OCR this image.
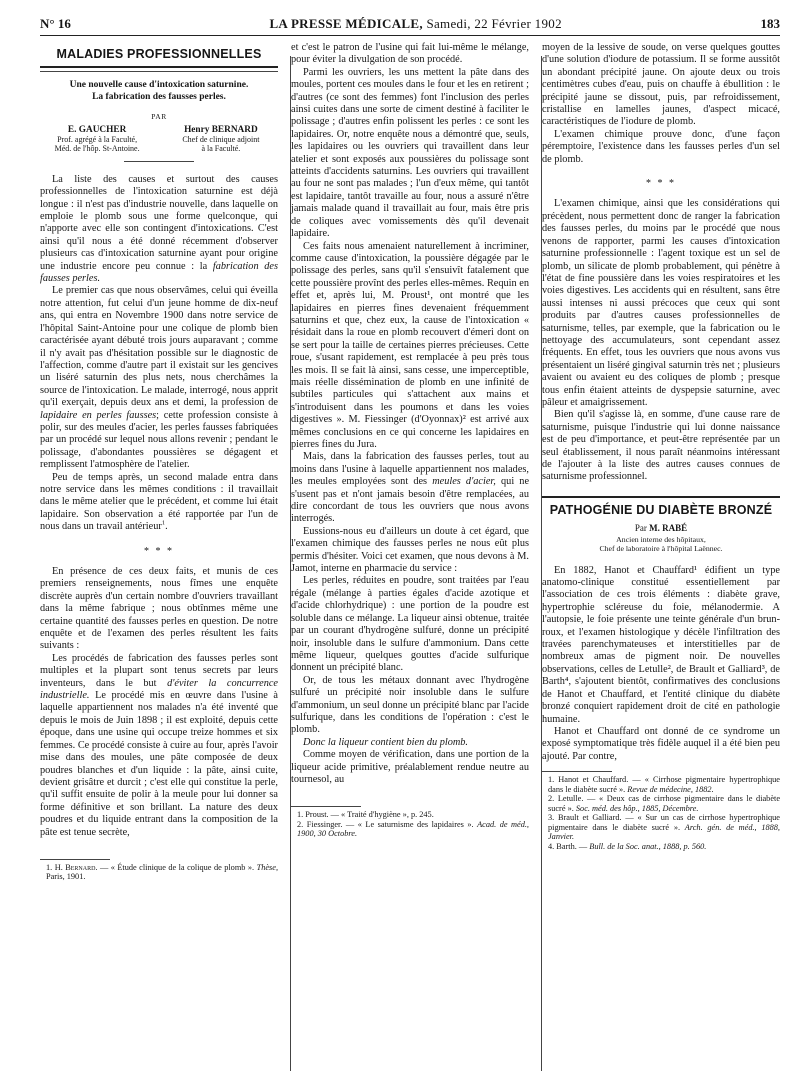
N° 16	LA PRESSE MÉDICALE, Samedi, 22 Février 1902	183
MALADIES PROFESSIONNELLES
Une nouvelle cause d'intoxication saturnine.
La fabrication des fausses perles.
PAR
E. GAUCHER
Prof. agrégé à la Faculté,
Méd. de l'hôp. St-Antoine.
Henry BERNARD
Chef de clinique adjoint
à la Faculté.

La liste des causes et surtout des causes professionnelles de l'intoxication saturnine est déjà longue : il n'est pas d'industrie nouvelle, dans laquelle on emploie le plomb sous une forme quelconque, qui n'apporte avec elle son contingent d'intoxications. C'est ainsi qu'il nous a été donné récemment d'observer plusieurs cas d'intoxication saturnine ayant pour origine une industrie encore peu connue : la fabrication des fausses perles.

Le premier cas que nous observâmes, celui qui éveilla notre attention, fut celui d'un jeune homme de dix-neuf ans, qui entra en Novembre 1900 dans notre service de l'hôpital Saint-Antoine pour une colique de plomb bien caractérisée ayant débuté trois jours auparavant ; comme il n'y avait pas d'hésitation possible sur le diagnostic de l'affection, comme d'autre part il existait sur les gencives un liséré saturnin des plus nets, nous cherchâmes la source de l'intoxication. Le malade, interrogé, nous apprit qu'il exerçait, depuis deux ans et demi, la profession de lapidaire en perles fausses; cette profession consiste à polir, sur des meules d'acier, les perles fausses fabriquées par un procédé sur lequel nous allons revenir ; pendant le polissage, d'abondantes poussières se dégagent et remplissent l'atmosphère de l'atelier.

Peu de temps après, un second malade entra dans notre service dans les mêmes conditions : il travaillait dans le même atelier que le précédent, et comme lui était lapidaire. Son observation a été rapportée par l'un de nous dans un travail antérieur$^1$.

* * *

En présence de ces deux faits, et munis de ces premiers renseignements, nous fîmes une enquête discrète auprès d'un certain nombre d'ouvriers travaillant dans la même fabrique ; nous obtînmes même une certaine quantité des fausses perles en question. De notre enquête et de l'examen des perles résultent les faits suivants :

Les procédés de fabrication des fausses perles sont multiples et la plupart sont tenus secrets par leurs inventeurs, dans le but d'éviter la concurrence industrielle. Le procédé mis en œuvre dans l'usine à laquelle appartiennent nos malades n'a été inventé que depuis le mois de Juin 1898 ; il est exploité, depuis cette époque, dans une usine qui occupe treize hommes et six femmes. Ce procédé consiste à cuire au four, après l'avoir mise dans des moules, une pâte composée de deux poudres blanches et d'un liquide : la pâte, ainsi cuite, devient grisâtre et durcit ; c'est elle qui constitue la perle, qu'il suffit ensuite de polir à la meule pour lui donner sa forme définitive et son brillant. La nature des deux poudres et du liquide entrant dans la composition de la pâte est tenue secrète,

1. H. Bernard. — « Étude clinique de la colique de plomb ». Thèse, Paris, 1901.

et c'est le patron de l'usine qui fait lui-même le mélange, pour éviter la divulgation de son procédé.

Parmi les ouvriers, les uns mettent la pâte dans des moules, portent ces moules dans le four et les en retirent ; d'autres (ce sont des femmes) font l'inclusion des perles ainsi cuites dans une sorte de ciment destiné à faciliter le polissage ; d'autres enfin polissent les perles : ce sont les lapidaires. Or, notre enquête nous a démontré que, seuls, les lapidaires ou les ouvriers qui travaillent dans leur atelier et sont exposés aux poussières du polissage sont atteints d'accidents saturnins. Les ouvriers qui travaillent au four ne sont pas malades ; l'un d'eux même, qui tantôt est lapidaire, tantôt travaille au four, nous a assuré n'être jamais malade quand il travaillait au four, mais être pris de coliques avec vomissements dès qu'il devenait lapidaire.

Ces faits nous amenaient naturellement à incriminer, comme cause d'intoxication, la poussière dégagée par le polissage des perles, sans qu'il s'ensuivît fatalement que cette poussière provînt des perles elles-mêmes. Requin en effet et, après lui, M. Proust¹, ont montré que les lapidaires en pierres fines devenaient fréquemment saturnins et que, chez eux, la cause de l'intoxication « résidait dans la roue en plomb recouvert d'émeri dont on se sert pour la taille de certaines pierres précieuses. Cette roue, s'usant rapidement, est remplacée à peu près tous les mois. Il se fait là ainsi, sans cesse, une imperceptible, mais réelle dissémination de plomb en une infinité de subtiles particules qui s'attachent aux mains et s'introduisent dans les poumons et dans les voies digestives ». M. Fiessinger (d'Oyonnax)² est arrivé aux mêmes conclusions en ce qui concerne les lapidaires en pierres fines du Jura.

Mais, dans la fabrication des fausses perles, tout au moins dans l'usine à laquelle appartiennent nos malades, les meules employées sont des meules d'acier, qui ne s'usent pas et n'ont jamais besoin d'être remplacées, au dire concordant de tous les ouvriers que nous avons interrogés.

Eussions-nous eu d'ailleurs un doute à cet égard, que l'examen chimique des fausses perles ne nous eût plus permis d'hésiter. Voici cet examen, que nous devons à M. Jamot, interne en pharmacie du service :

Les perles, réduites en poudre, sont traitées par l'eau régale (mélange à parties égales d'acide azotique et d'acide chlorhydrique) : une portion de la poudre est soluble dans ce mélange. La liqueur ainsi obtenue, traitée par un courant d'hydrogène sulfuré, donne un précipité noir, insoluble dans le sulfure d'ammonium. Dans cette même liqueur, quelques gouttes d'acide sulfurique donnent un précipité blanc.

Or, de tous les métaux donnant avec l'hydrogène sulfuré un précipité noir insoluble dans le sulfure d'ammonium, un seul donne un précipité blanc par l'acide sulfurique, dans les conditions de l'opération : c'est le plomb.

Donc la liqueur contient bien du plomb.

Comme moyen de vérification, dans une portion de la liqueur acide primitive, préalablement rendue neutre au tournesol, au

1. Proust. — « Traité d'hygiène », p. 245.

2. Fiessinger. — « Le saturnisme des lapidaires ». Acad. de méd., 1900, 30 Octobre.

moyen de la lessive de soude, on verse quelques gouttes d'une solution d'iodure de potassium. Il se forme aussitôt un abondant précipité jaune. On ajoute deux ou trois centimètres cubes d'eau, puis on chauffe à ébullition : le précipité jaune se dissout, puis, par refroidissement, cristallise en lamelles jaunes, d'aspect micacé, caractéristiques de l'iodure de plomb.

L'examen chimique prouve donc, d'une façon péremptoire, l'existence dans les fausses perles d'un sel de plomb.

* * *

L'examen chimique, ainsi que les considérations qui précèdent, nous permettent donc de ranger la fabrication des fausses perles, du moins par le procédé que nous venons de rapporter, parmi les causes d'intoxication saturnine professionnelle : l'agent toxique est un sel de plomb, un silicate de plomb probablement, qui pénètre à l'état de fine poussière dans les voies respiratoires et les voies digestives. Les accidents qui en résultent, sans être aussi intenses ni aussi précoces que ceux qui sont produits par d'autres causes professionnelles de saturnisme, telles, par exemple, que la fabrication ou le nettoyage des accumulateurs, sont cependant assez fréquents. En effet, tous les ouvriers que nous avons vus présentaient un liséré gingival saturnin très net ; plusieurs avaient ou avaient eu des coliques de plomb ; presque tous enfin étaient atteints de dyspepsie saturnine, avec pâleur et amaigrissement.

Bien qu'il s'agisse là, en somme, d'une cause rare de saturnisme, puisque l'industrie qui lui donne naissance est de peu d'importance, et peut-être représentée par un seul établissement, il nous paraît néanmoins intéressant de l'ajouter à la liste des autres causes connues de saturnisme professionnel.

PATHOGÉNIE DU DIABÈTE BRONZÉ
Par M. RABÉ
Ancien interne des hôpitaux,
Chef de laboratoire à l'hôpital Laënnec.

En 1882, Hanot et Chauffard¹ édifient un type anatomo-clinique constitué essentiellement par l'association de ces trois éléments : diabète grave, hypertrophie scléreuse du foie, mélanodermie. A l'autopsie, le foie présente une teinte générale d'un brun-roux, et l'examen histologique y décèle l'infiltration des travées parenchymateuses et interstitielles par de nombreux amas de pigment noir. De nouvelles observations, celles de Letulle², de Brault et Galliard³, de Barth⁴, s'ajoutent bientôt, confirmatives des conclusions de Hanot et Chauffard, et l'entité clinique du diabète bronzé conquiert rapidement droit de cité en pathologie humaine.

Hanot et Chauffard ont donné de ce syndrome un exposé symptomatique très fidèle auquel il a été bien peu ajouté. Par contre,

1. Hanot et Chauffard. — « Cirrhose pigmentaire hypertrophique dans le diabète sucré ». Revue de médecine, 1882.

2. Letulle. — « Deux cas de cirrhose pigmentaire dans le diabète sucré ». Soc. méd. des hôp., 1885, Décembre.

3. Brault et Galliard. — « Sur un cas de cirrhose hypertrophique pigmentaire dans le diabète sucré ». Arch. gén. de méd., 1888, Janvier.

4. Barth. — Bull. de la Soc. anat., 1888, p. 560.
